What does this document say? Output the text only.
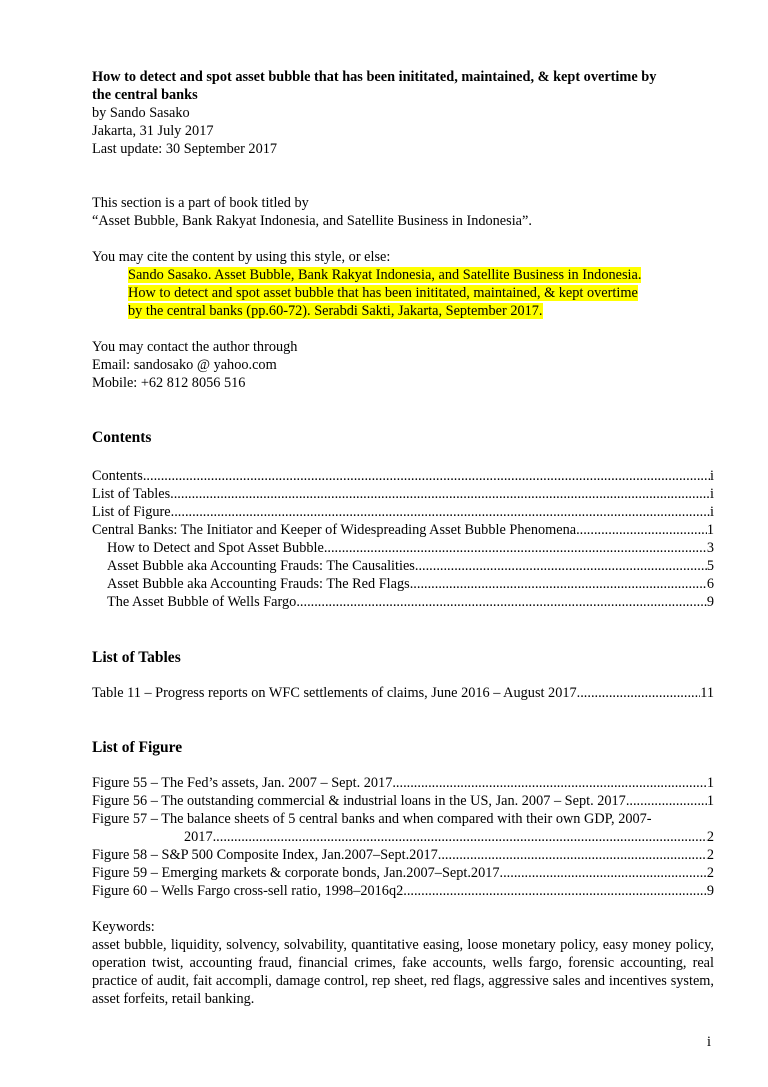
How to detect and spot asset bubble that has been inititated, maintained, & kept overtime by
the central banks
by Sando Sasako
Jakarta, 31 July 2017
Last update: 30 September 2017
This section is a part of book titled by
“Asset Bubble, Bank Rakyat Indonesia, and Satellite Business in Indonesia”.
You may cite the content by using this style, or else:
Sando Sasako. Asset Bubble, Bank Rakyat Indonesia, and Satellite Business in Indonesia.
How to detect and spot asset bubble that has been inititated, maintained, & kept overtime
by the central banks (pp.60-72). Serabdi Sakti, Jakarta, September 2017.
You may contact the author through
Email: sandosako @ yahoo.com
Mobile: +62 812 8056 516
Contents
Contents .....	i
List of Tables .....	i
List of Figure .....	i
Central Banks: The Initiator and Keeper of Widespreading Asset Bubble Phenomena .....	1
How to Detect and Spot Asset Bubble .....	3
Asset Bubble aka Accounting Frauds: The Causalities .....	5
Asset Bubble aka Accounting Frauds: The Red Flags .....	6
The Asset Bubble of Wells Fargo .....	9
List of Tables
Table 11 – Progress reports on WFC settlements of claims, June 2016 – August 2017 .....	11
List of Figure
Figure 55 – The Fed’s assets, Jan. 2007 – Sept. 2017 .....	1
Figure 56 – The outstanding commercial & industrial loans in the US, Jan. 2007 – Sept. 2017 .....	1
Figure 57 – The balance sheets of 5 central banks and when compared with their own GDP, 2007-
2017 .....	2
Figure 58 – S&P 500 Composite Index, Jan.2007–Sept.2017 .....	2
Figure 59 – Emerging markets & corporate bonds, Jan.2007–Sept.2017 .....	2
Figure 60 – Wells Fargo cross-sell ratio, 1998–2016q2 .....	9
Keywords:
asset bubble, liquidity, solvency, solvability, quantitative easing, loose monetary policy, easy money policy, operation twist, accounting fraud, financial crimes, fake accounts, wells fargo, forensic accounting, real practice of audit, fait accompli, damage control, rep sheet, red flags, aggressive sales and incentives system, asset forfeits, retail banking.
i
